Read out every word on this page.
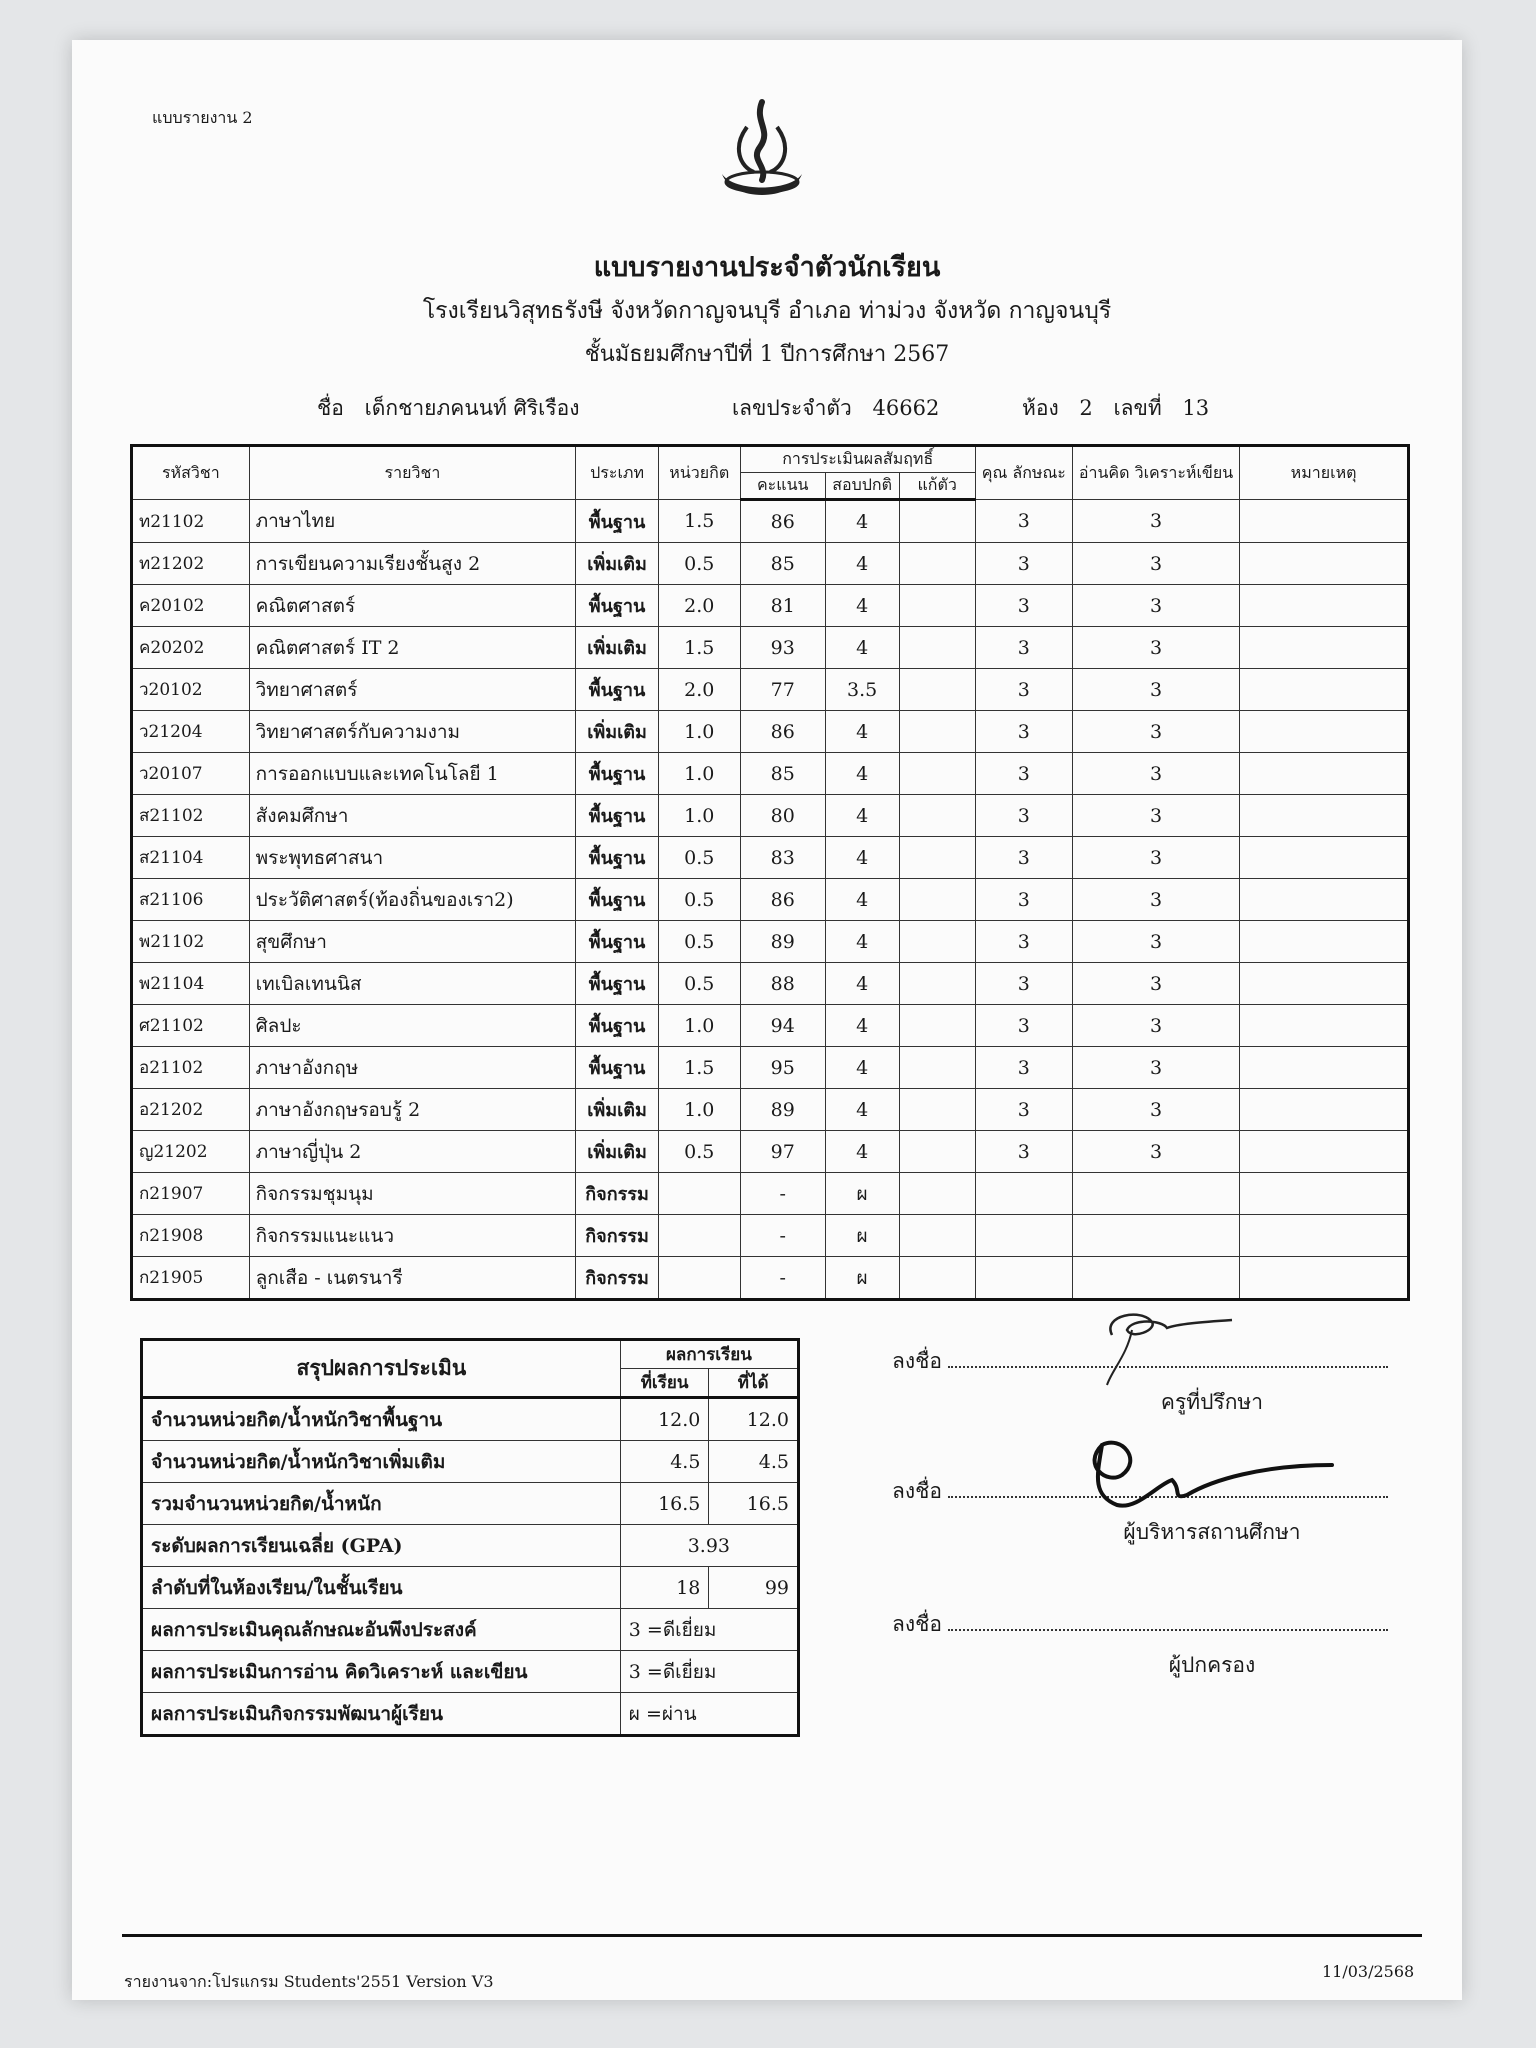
แบบรายงาน 2
แบบรายงานประจำตัวนักเรียน
โรงเรียนวิสุทธรังษี จังหวัดกาญจนบุรี อำเภอ ท่าม่วง จังหวัด กาญจนบุรี
ชั้นมัธยมศึกษาปีที่ 1 ปีการศึกษา 2567
ชื่อ เด็กชายภคนนท์ ศิริเรือง	เลขประจำตัว 46662	ห้อง 2 เลขที่ 13
รหัสวิชา	รายวิชา	ประเภท	หน่วยกิต	การประเมินผลสัมฤทธิ์			คุณ ลักษณะ	อ่านคิด วิเคราะห์เขียน	หมายเหตุ
				คะแนน	สอบปกติ	แก้ตัว			
ท21102	ภาษาไทย	พื้นฐาน	1.5	86	4		3	3	
ท21202	การเขียนความเรียงชั้นสูง 2	เพิ่มเติม	0.5	85	4		3	3	
ค20102	คณิตศาสตร์	พื้นฐาน	2.0	81	4		3	3	
ค20202	คณิตศาสตร์ IT 2	เพิ่มเติม	1.5	93	4		3	3	
ว20102	วิทยาศาสตร์	พื้นฐาน	2.0	77	3.5		3	3	
ว21204	วิทยาศาสตร์กับความงาม	เพิ่มเติม	1.0	86	4		3	3	
ว20107	การออกแบบและเทคโนโลยี 1	พื้นฐาน	1.0	85	4		3	3	
ส21102	สังคมศึกษา	พื้นฐาน	1.0	80	4		3	3	
ส21104	พระพุทธศาสนา	พื้นฐาน	0.5	83	4		3	3	
ส21106	ประวัติศาสตร์(ท้องถิ่นของเรา2)	พื้นฐาน	0.5	86	4		3	3	
พ21102	สุขศึกษา	พื้นฐาน	0.5	89	4		3	3	
พ21104	เทเบิลเทนนิส	พื้นฐาน	0.5	88	4		3	3	
ศ21102	ศิลปะ	พื้นฐาน	1.0	94	4		3	3	
อ21102	ภาษาอังกฤษ	พื้นฐาน	1.5	95	4		3	3	
อ21202	ภาษาอังกฤษรอบรู้ 2	เพิ่มเติม	1.0	89	4		3	3	
ญ21202	ภาษาญี่ปุ่น 2	เพิ่มเติม	0.5	97	4		3	3	
ก21907	กิจกรรมชุมนุม	กิจกรรม		-	ผ				
ก21908	กิจกรรมแนะแนว	กิจกรรม		-	ผ				
ก21905	ลูกเสือ - เนตรนารี	กิจกรรม		-	ผ				
สรุปผลการประเมิน	ผลการเรียน	
	ที่เรียน	ที่ได้
จำนวนหน่วยกิต/น้ำหนักวิชาพื้นฐาน	12.0	12.0
จำนวนหน่วยกิต/น้ำหนักวิชาเพิ่มเติม	4.5	4.5
รวมจำนวนหน่วยกิต/น้ำหนัก	16.5	16.5
ระดับผลการเรียนเฉลี่ย (GPA)	3.93	
ลำดับที่ในห้องเรียน/ในชั้นเรียน	18	99
ผลการประเมินคุณลักษณะอันพึงประสงค์	3 =ดีเยี่ยม	
ผลการประเมินการอ่าน คิดวิเคราะห์ และเขียน	3 =ดีเยี่ยม	
ผลการประเมินกิจกรรมพัฒนาผู้เรียน	ผ =ผ่าน	
ลงชื่อ
ครูที่ปรึกษา
ลงชื่อ
ผู้บริหารสถานศึกษา
ลงชื่อ
ผู้ปกครอง
รายงานจาก:โปรแกรม Students'2551 Version V3
11/03/2568
